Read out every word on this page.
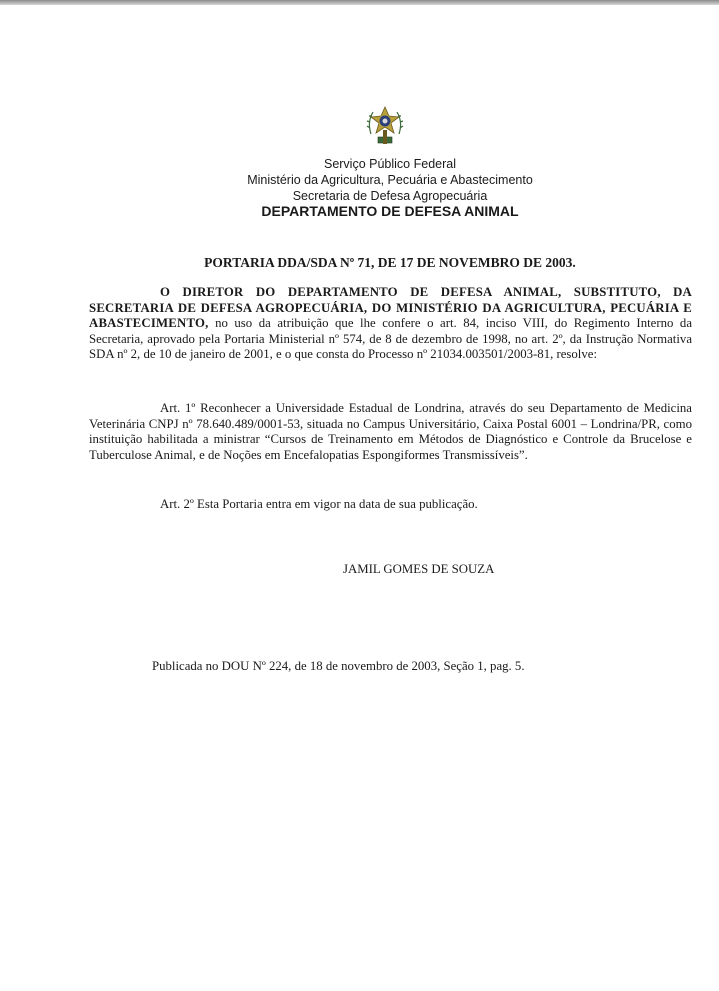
Serviço Público Federal
Ministério da Agricultura, Pecuária e Abastecimento
Secretaria de Defesa Agropecuária
DEPARTAMENTO DE DEFESA ANIMAL
PORTARIA DDA/SDA Nº 71, DE 17 DE NOVEMBRO DE 2003.
O DIRETOR DO DEPARTAMENTO DE DEFESA ANIMAL, SUBSTITUTO, DA SECRETARIA DE DEFESA AGROPECUÁRIA, DO MINISTÉRIO DA AGRICULTURA, PECUÁRIA E ABASTECIMENTO, no uso da atribuição que lhe confere o art. 84, inciso VIII, do Regimento Interno da Secretaria, aprovado pela Portaria Ministerial nº 574, de 8 de dezembro de 1998, no art. 2º, da Instrução Normativa SDA nº 2, de 10 de janeiro de 2001, e o que consta do Processo nº 21034.003501/2003-81, resolve:
Art. 1º Reconhecer a Universidade Estadual de Londrina, através do seu Departamento de Medicina Veterinária CNPJ nº 78.640.489/0001-53, situada no Campus Universitário, Caixa Postal 6001 – Londrina/PR, como instituição habilitada a ministrar “Cursos de Treinamento em Métodos de Diagnóstico e Controle da Brucelose e Tuberculose Animal, e de Noções em Encefalopatias Espongiformes Transmissíveis”.
Art. 2º Esta Portaria entra em vigor na data de sua publicação.
JAMIL GOMES DE SOUZA
Publicada no DOU Nº 224, de 18 de novembro de 2003, Seção 1, pag. 5.
